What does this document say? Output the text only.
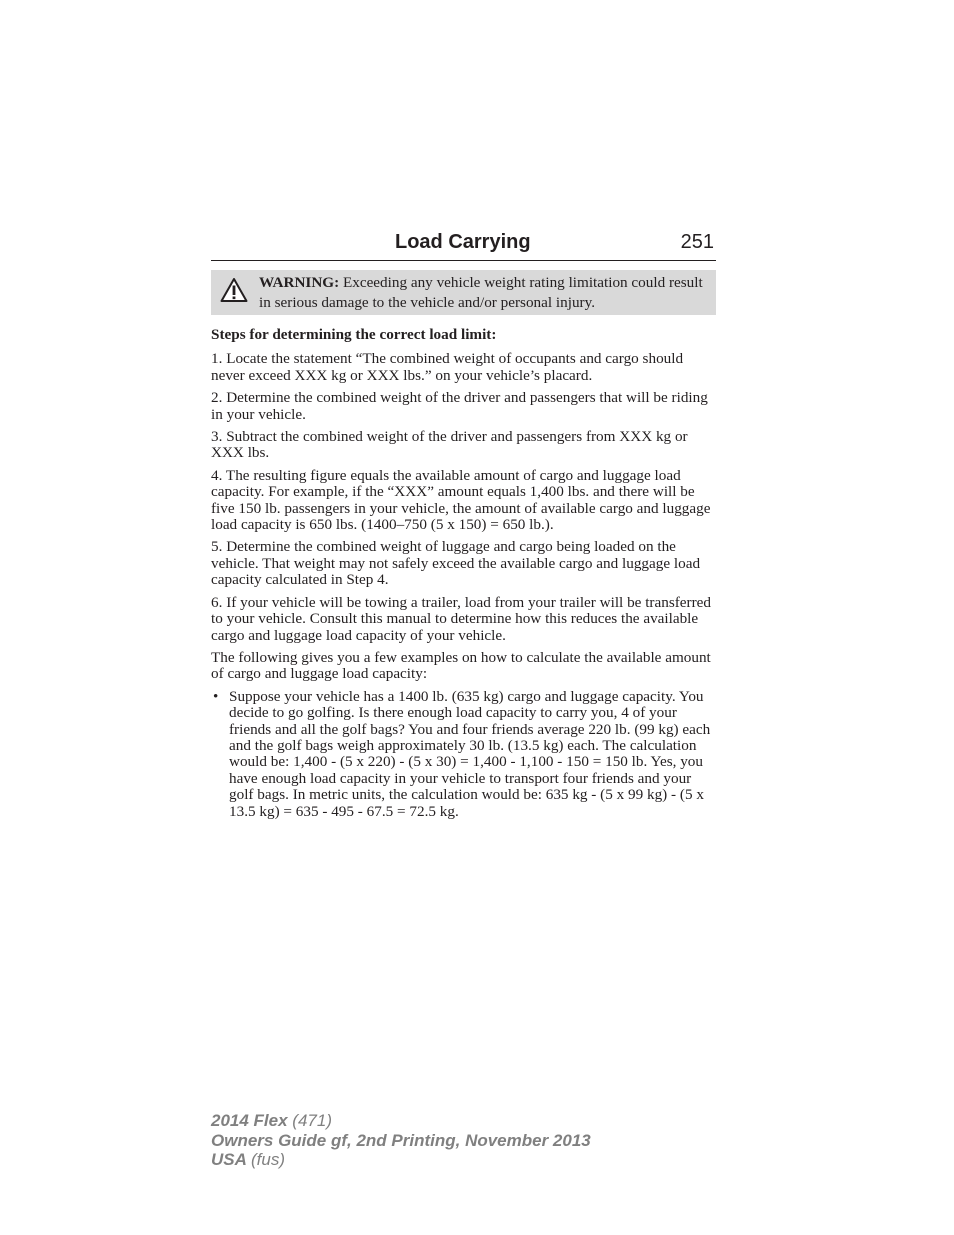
Load Carrying	251
WARNING: Exceeding any vehicle weight rating limitation could result in serious damage to the vehicle and/or personal injury.

Steps for determining the correct load limit:

1. Locate the statement “The combined weight of occupants and cargo should never exceed XXX kg or XXX lbs.” on your vehicle’s placard.

2. Determine the combined weight of the driver and passengers that will be riding in your vehicle.

3. Subtract the combined weight of the driver and passengers from XXX kg or XXX lbs.

4. The resulting figure equals the available amount of cargo and luggage load capacity. For example, if the “XXX” amount equals 1,400 lbs. and there will be five 150 lb. passengers in your vehicle, the amount of available cargo and luggage load capacity is 650 lbs. (1400–750 (5 x 150) = 650 lb.).

5. Determine the combined weight of luggage and cargo being loaded on the vehicle. That weight may not safely exceed the available cargo and luggage load capacity calculated in Step 4.

6. If your vehicle will be towing a trailer, load from your trailer will be transferred to your vehicle. Consult this manual to determine how this reduces the available cargo and luggage load capacity of your vehicle.

The following gives you a few examples on how to calculate the available amount of cargo and luggage load capacity:

• Suppose your vehicle has a 1400 lb. (635 kg) cargo and luggage capacity. You decide to go golfing. Is there enough load capacity to carry you, 4 of your friends and all the golf bags? You and four friends average 220 lb. (99 kg) each and the golf bags weigh approximately 30 lb. (13.5 kg) each. The calculation would be: 1,400 - (5 x 220) - (5 x 30) = 1,400 - 1,100 - 150 = 150 lb. Yes, you have enough load capacity in your vehicle to transport four friends and your golf bags. In metric units, the calculation would be: 635 kg - (5 x 99 kg) - (5 x 13.5 kg) = 635 - 495 - 67.5 = 72.5 kg.
2014 Flex (471)
Owners Guide gf, 2nd Printing, November 2013
USA (fus)
